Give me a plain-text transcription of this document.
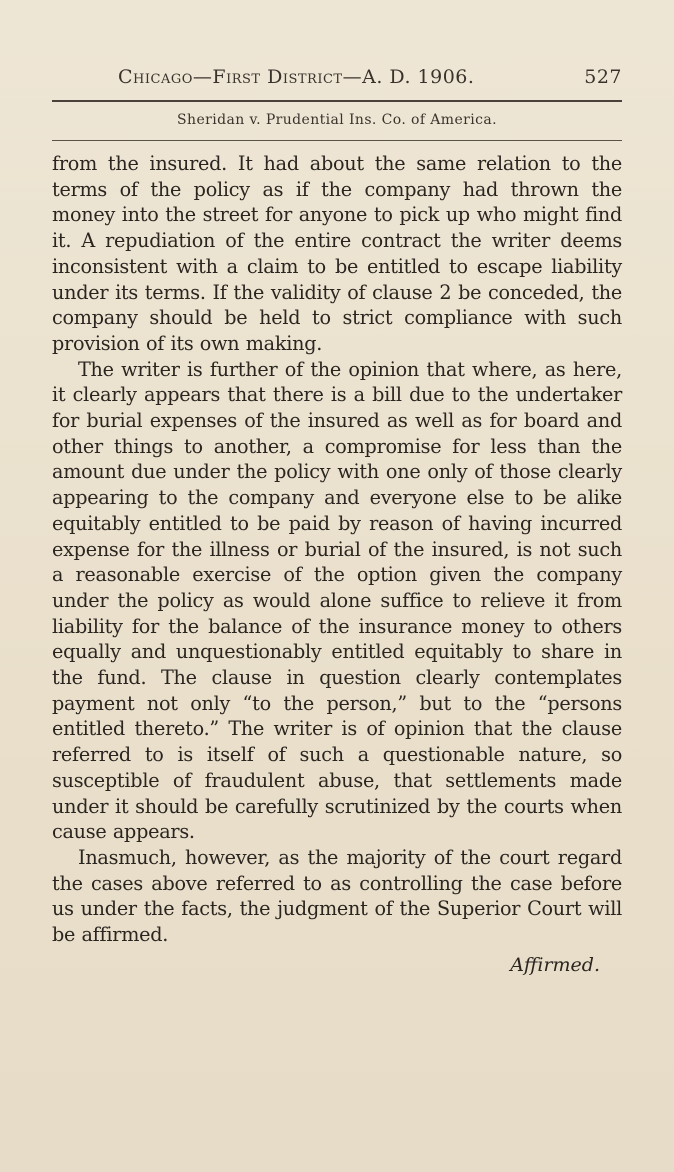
Chicago—First District—A. D. 1906.	527
Sheridan v. Prudential Ins. Co. of America.

from the insured. It had about the same relation to the terms of the policy as if the company had thrown the money into the street for anyone to pick up who might find it. A repudiation of the entire contract the writer deems inconsistent with a claim to be entitled to escape liability under its terms. If the validity of clause 2 be conceded, the company should be held to strict compliance with such provision of its own making.

The writer is further of the opinion that where, as here, it clearly appears that there is a bill due to the undertaker for burial expenses of the insured as well as for board and other things to another, a compromise for less than the amount due under the policy with one only of those clearly appearing to the company and everyone else to be alike equitably entitled to be paid by reason of having incurred expense for the illness or burial of the insured, is not such a reasonable exercise of the option given the company under the policy as would alone suffice to relieve it from liability for the balance of the insurance money to others equally and unquestionably entitled equitably to share in the fund. The clause in question clearly contemplates payment not only “to the person,” but to the “persons entitled thereto.” The writer is of opinion that the clause referred to is itself of such a questionable nature, so susceptible of fraudulent abuse, that settlements made under it should be carefully scrutinized by the courts when cause appears.

Inasmuch, however, as the majority of the court regard the cases above referred to as controlling the case before us under the facts, the judgment of the Superior Court will be affirmed.

Affirmed.
